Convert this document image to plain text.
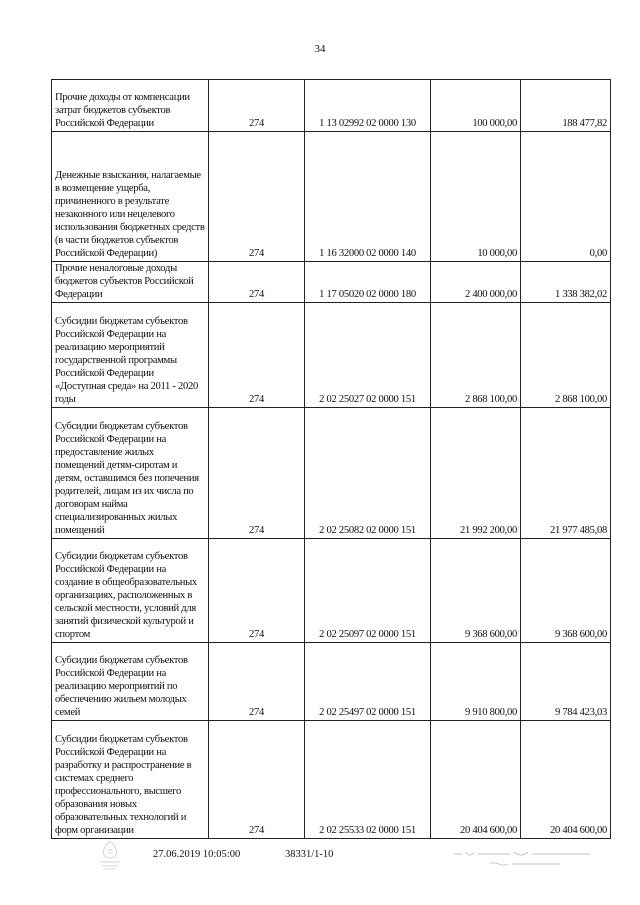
34
Прочие доходы от компенсации затрат бюджетов субъектов Российской Федерации	274	1 13 02992 02 0000 130	100 000,00	188 477,82
Денежные взыскания, налагаемые в возмещение ущерба, причиненного в результате незаконного или нецелевого использования бюджетных средств (в части бюджетов субъектов Российской Федерации)	274	1 16 32000 02 0000 140	10 000,00	0,00
Прочие неналоговые доходы бюджетов субъектов Российской Федерации	274	1 17 05020 02 0000 180	2 400 000,00	1 338 382,02
Субсидии бюджетам субъектов Российской Федерации на реализацию мероприятий государственной программы Российской Федерации «Доступная среда» на 2011 - 2020 годы	274	2 02 25027 02 0000 151	2 868 100,00	2 868 100,00
Субсидии бюджетам субъектов Российской Федерации на предоставление жилых помещений детям-сиротам и детям, оставшимся без попечения родителей, лицам из их числа по договорам найма специализированных жилых помещений	274	2 02 25082 02 0000 151	21 992 200,00	21 977 485,08
Субсидии бюджетам субъектов Российской Федерации на создание в общеобразовательных организациях, расположенных в сельской местности, условий для занятий физической культурой и спортом	274	2 02 25097 02 0000 151	9 368 600,00	9 368 600,00
Субсидии бюджетам субъектов Российской Федерации на реализацию мероприятий по обеспечению жильем молодых семей	274	2 02 25497 02 0000 151	9 910 800,00	9 784 423,03
Субсидии бюджетам субъектов Российской Федерации на разработку и распространение в системах среднего профессионального, высшего образования новых образовательных технологий и форм организации	274	2 02 25533 02 0000 151	20 404 600,00	20 404 600,00
27.06.2019 10:05:00	38331/1-10
